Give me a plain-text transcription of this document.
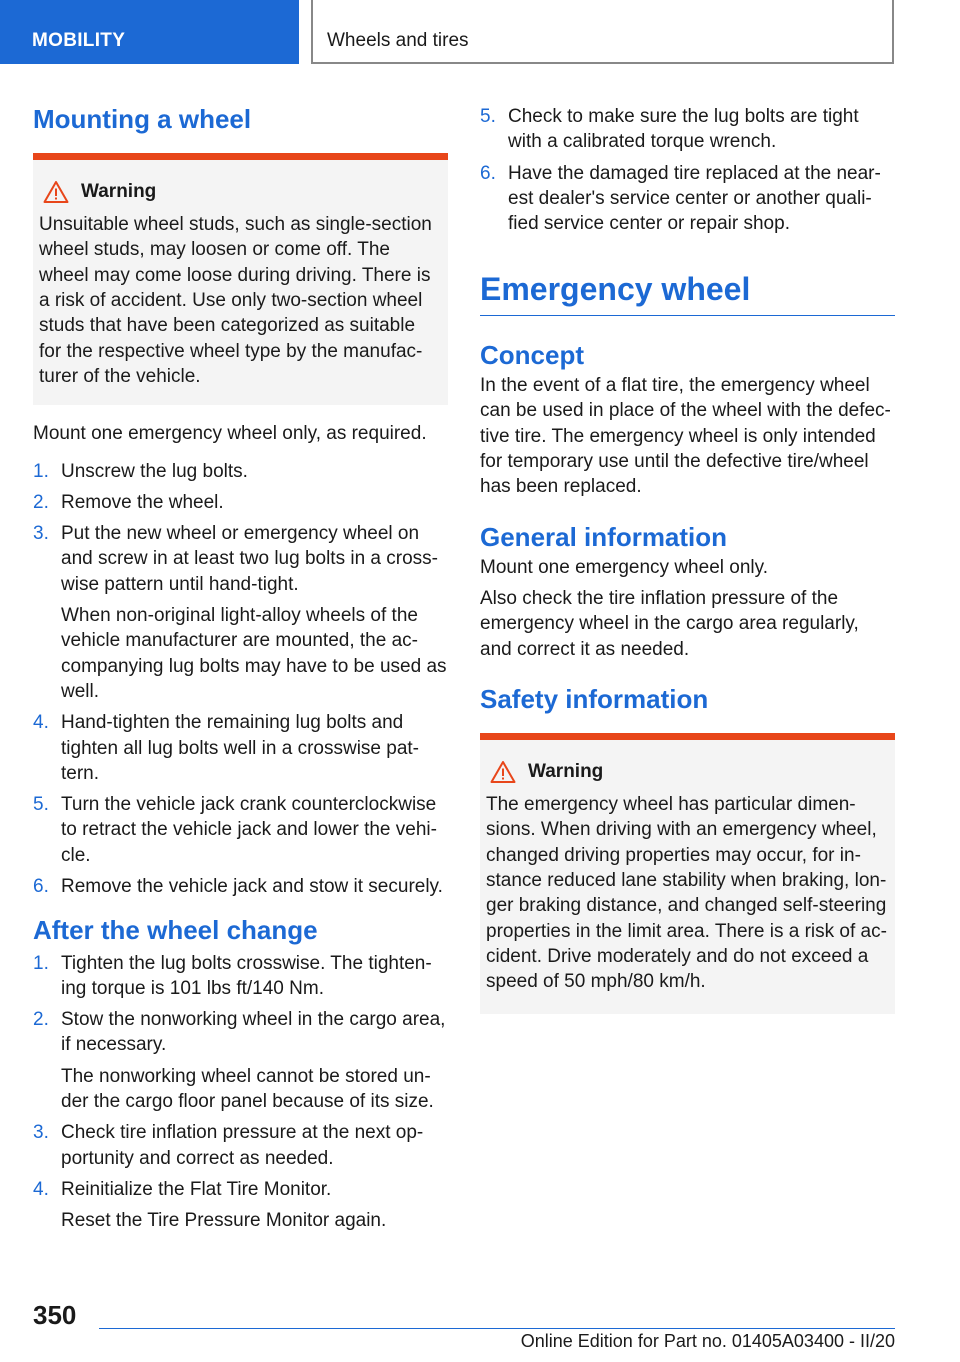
MOBILITY	Wheels and tires
Mounting a wheel
Warning

Unsuitable wheel studs, such as single-section wheel studs, may loosen or come off. The wheel may come loose during driving. There is a risk of accident. Use only two-section wheel studs that have been categorized as suitable for the respective wheel type by the manufac-turer of the vehicle.

Mount one emergency wheel only, as required.

1. Unscrew the lug bolts.
2. Remove the wheel.
3. Put the new wheel or emergency wheel on and screw in at least two lug bolts in a cross-wise pattern until hand-tight.
When non-original light-alloy wheels of the vehicle manufacturer are mounted, the ac-companying lug bolts may have to be used as well.
4. Hand-tighten the remaining lug bolts and tighten all lug bolts well in a crosswise pat-tern.
5. Turn the vehicle jack crank counterclockwise to retract the vehicle jack and lower the vehi-cle.
6. Remove the vehicle jack and stow it securely.
After the wheel change
1. Tighten the lug bolts crosswise. The tighten-ing torque is 101 lbs ft/140 Nm.
2. Stow the nonworking wheel in the cargo area, if necessary.
The nonworking wheel cannot be stored un-der the cargo floor panel because of its size.
3. Check tire inflation pressure at the next op-portunity and correct as needed.
4. Reinitialize the Flat Tire Monitor.
Reset the Tire Pressure Monitor again.
5. Check to make sure the lug bolts are tight with a calibrated torque wrench.
6. Have the damaged tire replaced at the near-est dealer's service center or another quali-fied service center or repair shop.
Emergency wheel
Concept

In the event of a flat tire, the emergency wheel can be used in place of the wheel with the defec-tive tire. The emergency wheel is only intended for temporary use until the defective tire/wheel has been replaced.

General information

Mount one emergency wheel only.

Also check the tire inflation pressure of the emergency wheel in the cargo area regularly, and correct it as needed.

Safety information
Warning

The emergency wheel has particular dimen-sions. When driving with an emergency wheel, changed driving properties may occur, for in-stance reduced lane stability when braking, lon-ger braking distance, and changed self-steering properties in the limit area. There is a risk of ac-cident. Drive moderately and do not exceed a speed of 50 mph/80 km/h.

350
Online Edition for Part no. 01405A03400 - II/20
